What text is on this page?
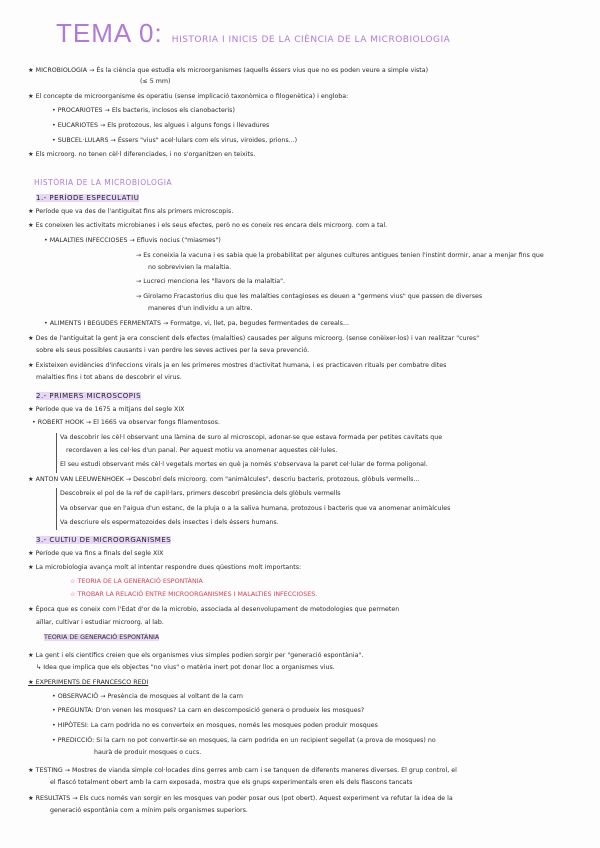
TEMA 0: HISTORIA I INICIS DE LA CIÈNCIA DE LA MICROBIOLOGIA
★ MICROBIOLOGIA → És la ciència que estudia els microorganismes (aquells éssers vius que no es poden veure a simple vista)
(≤ 5 mm)
★ El concepte de microorganisme és operatiu (sense implicació taxonòmica o filogenètica) i engloba:
• PROCARIOTES → Els bacteris, inclosos els cianobacteris)
• EUCARIOTES → Els protozous, les algues i alguns fongs i llevadures
• SUBCEL·LULARS → Éssers "vius" acel·lulars com els virus, viroides, prions...)
★ Els microorg. no tenen cèl·l diferenciades, i no s'organitzen en teixits.
HISTÒRIA DE LA MICROBIOLOGIA
1.- PERÍODE ESPECULATIU
★ Període que va des de l'antiguitat fins als primers microscopis.
★ Es coneixen les activitats microbianes i els seus efectes, però no es coneix res encara dels microorg. com a tal.
• MALALTIES INFECCIOSES → Efluvis nocius ("miasmes")
→ Es coneixia la vacuna i es sabia que la probabilitat per algunes cultures antigues tenien l'instint dormir, anar a menjar fins que
no sobrevivien la malaltia.
→ Lucreci menciona les "llavors de la malaltia".
→ Girolamo Fracastorius diu que les malalties contagioses es deuen a "germens vius" que passen de diverses
maneres d'un individu a un altre.
• ALIMENTS I BEGUDES FERMENTATS → Formatge, vi, llet, pa, begudes fermentades de cereals...
★ Des de l'antiguitat la gent ja era conscient dels efectes (malalties) causades per alguns microorg. (sense conèixer-los) i van realitzar "cures"
sobre els seus possibles causants i van perdre les seves actives per la seva prevenció.
★ Existeixen evidències d'infeccions virals ja en les primeres mostres d'activitat humana, i es practicaven rituals per combatre dites
malalties fins i tot abans de descobrir el virus.
2.- PRIMERS MICROSCOPIS
★ Període que va de 1675 a mitjans del segle XIX
• ROBERT HOOK → El 1665 va observar fongs filamentosos.
Va descobrir les cèl·l observant una làmina de suro al microscopi, adonar-se que estava formada per petites cavitats que
recordaven a les cel·les d'un panal. Per aquest motiu va anomenar aquestes cèl·lules.
El seu estudi observant més cèl·l vegetals mortes en què ja només s'observava la paret cel·lular de forma poligonal.
★ ANTON VAN LEEUWENHOEK → Descobrí dels microorg. com "animàlcules", descriu bacteris, protozous, glòbuls vermells...
Descobreix el pol de la ref de capil·lars, primers descobrí presència dels glòbuls vermells
Va observar que en l'aigua d'un estanc, de la pluja o a la saliva humana, protozous i bacteris que va anomenar animàlcules
Va descriure els espermatozoides dels insectes i dels éssers humans.
3.- CULTIU DE MICROORGANISMES
★ Període que va fins a finals del segle XIX
★ La microbiologia avança molt al intentar respondre dues qüestions molt importants:
☆ TEORIA DE LA GENERACIÓ ESPONTÀNIA
☆ TROBAR LA RELACIÓ ENTRE MICROORGANISMES I MALALTIES INFECCIOSES.
★ Època que es coneix com l'Edat d'or de la microbio, associada al desenvolupament de metodologies que permeten
aïllar, cultivar i estudiar microorg. al lab.
TEORIA DE GENERACIÓ ESPONTÀNIA
★ La gent i els científics creien que els organismes vius simples podien sorgir per "generació espontània".
↳ Idea que implica que els objectes "no vius" o matèria inert pot donar lloc a organismes vius.
★ EXPERIMENTS DE FRANCESCO REDI
• OBSERVACIÓ → Presència de mosques al voltant de la carn
• PREGUNTA: D'on venen les mosques? La carn en descomposició genera o produeix les mosques?
• HIPÒTESI: La carn podrida no es converteix en mosques, només les mosques poden produir mosques
• PREDICCIÓ: Si la carn no pot convertir-se en mosques, la carn podrida en un recipient segellat (a prova de mosques) no
haurà de produir mosques o cucs.
★ TESTING → Mostres de vianda simple col·locades dins gerres amb carn i se tanquen de diferents maneres diverses. El grup control, el
el flascó totalment obert amb la carn exposada, mostra que els grups experimentals eren els dels flascons tancats
★ RESULTATS → Els cucs només van sorgir en les mosques van poder posar ous (pot obert). Aquest experiment va refutar la idea de la
generació espontània com a mínim pels organismes superiors.
